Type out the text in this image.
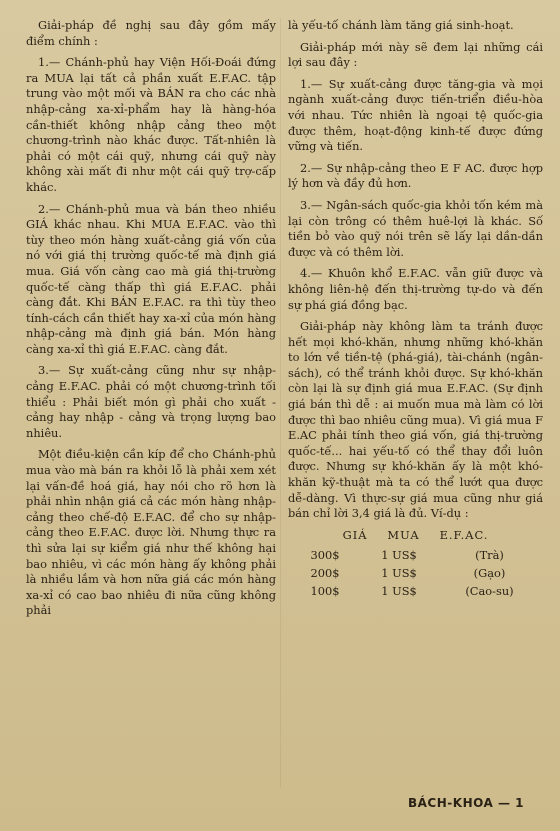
Giải-pháp đề nghị sau đây gồm mấy điểm chính :

1.— Chánh-phủ hay Viện Hối-Đoái đứng ra MUA lại tất cả phần xuất E.F.AC. tập trung vào một mối và BÁN ra cho các nhà nhập-cảng xa-xỉ-phẩm hay là hàng-hóa cần-thiết không nhập cảng theo một chương-trình nào khác được. Tất-nhiên là phải có một cái quỹ, nhưng cái quỹ này không xài mất đi như một cái quỹ trợ-cấp khác.

2.— Chánh-phủ mua và bán theo nhiều GIÁ khác nhau. Khi MUA E.F.AC. vào thì tùy theo món hàng xuất-cảng giá vốn của nó với giá thị trường quốc-tế mà định giá mua. Giá vốn càng cao mà giá thị-trường quốc-tế càng thấp thì giá E.F.AC. phải càng đắt. Khi BÁN E.F.AC. ra thì tùy theo tính-cách cần thiết hay xa-xỉ của món hàng nhập-cảng mà định giá bán. Món hàng càng xa-xỉ thì giá E.F.AC. càng đắt.

3.— Sự xuất-cảng cũng như sự nhập-cảng E.F.AC. phải có một chương-trình tối thiểu : Phải biết món gì phải cho xuất - cảng hay nhập - cảng và trọng lượng bao nhiêu.

Một điều-kiện cần kíp để cho Chánh-phủ mua vào mà bán ra khỏi lỗ là phải xem xét lại vấn-đề hoá giá, hay nói cho rõ hơn là phải nhìn nhận giá cả các món hàng nhập-cảng theo chế-độ E.F.AC. để cho sự nhập-cảng theo E.F.AC. được lời. Nhưng thực ra thì sửa lại sự kiểm giá như thế không hại bao nhiêu, vì các món hàng ấy không phải là nhiều lắm và hơn nữa giá các món hàng xa-xỉ có cao bao nhiêu đi nữa cũng không phải

là yếu-tố chánh làm tăng giá sinh-hoạt.

Giải-pháp mới này sẽ đem lại những cái lợi sau đây :

1.— Sự xuất-cảng được tăng-gia và mọi ngành xuất-cảng được tiến-triển điều-hòa với nhau. Tức nhiên là ngoại tệ quốc-gia được thêm, hoạt-động kinh-tế được đứng vững và tiến.

2.— Sự nhập-cảng theo E F AC. được hợp lý hơn và đầy đủ hơn.

3.— Ngân-sách quốc-gia khỏi tốn kém mà lại còn trông có thêm huê-lợi là khác. Số tiền bỏ vào quỹ nói trên sẽ lấy lại dần-dần được và có thêm lời.

4.— Khuôn khổ E.F.AC. vẫn giữ được và không liên-hệ đến thị-trường tự-do và đến sự phá giá đồng bạc.

Giải-pháp này không làm ta tránh được hết mọi khó-khăn, nhưng những khó-khăn to lớn về tiền-tệ (phá-giá), tài-chánh (ngân-sách), có thể tránh khỏi được. Sự khó-khăn còn lại là sự định giá mua E.F.AC. (Sự định giá bán thì dễ : ai muốn mua mà làm có lời được thì bao nhiêu cũng mua). Vì giá mua F E.AC phải tính theo giá vốn, giá thị-trường quốc-tế... hai yếu-tố có thể thay đổi luôn được. Nhưng sự khó-khăn ấy là một khó-khăn kỹ-thuật mà ta có thể lướt qua được dễ-dàng. Vì thực-sự giá mua cũng như giá bán chỉ lời 3,4 giá là đủ. Ví-dụ :

GIÁ MUA E.F.AC.
300$	1 US$	(Trà)
200$	1 US$	(Gạo)
100$	1 US$	(Cao-su)
BÁCH-KHOA — 1
